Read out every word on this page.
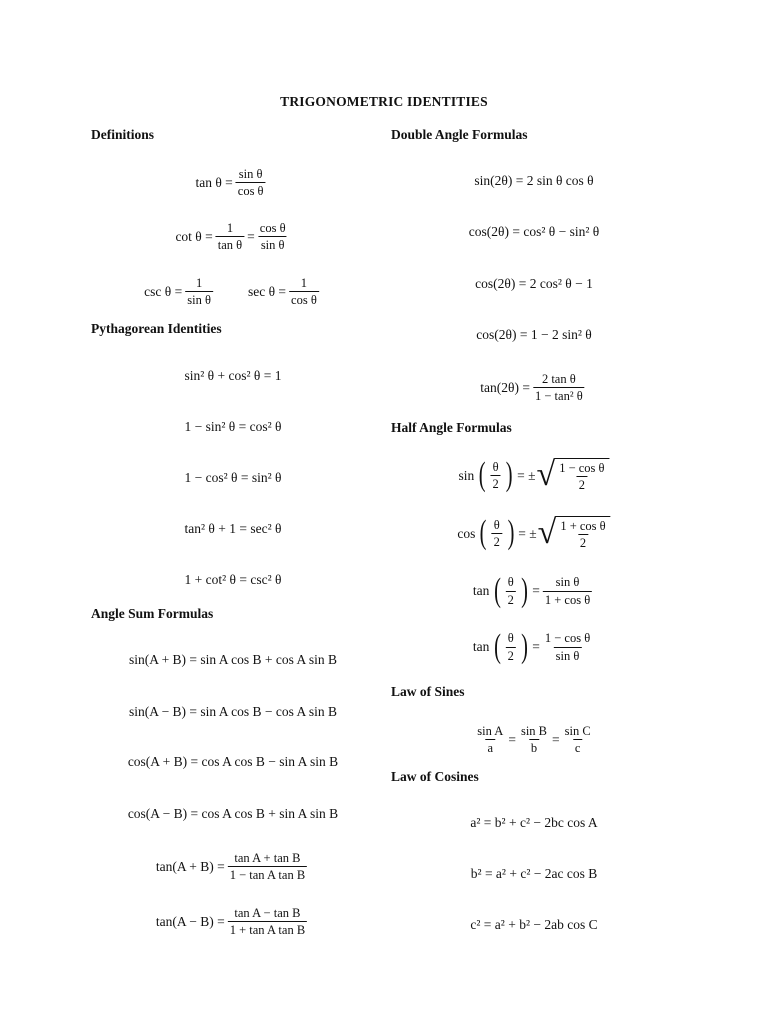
TRIGONOMETRIC IDENTITIES
Definitions
$\tan \theta = \frac{\text{sin θ}}{\text{cos θ}}$
$\cot \theta = \frac{1}{\text{tan θ}} = \frac{\text{cos θ}}{\text{sin θ}}$
$\csc \theta = \frac{1}{\text{sin θ}}$	$\sec \theta = \frac{1}{\text{cos θ}}$
Pythagorean Identities
sin² θ + cos² θ = 1
1 − sin² θ = cos² θ
1 − cos² θ = sin² θ
tan² θ + 1 = sec² θ
1 + cot² θ = csc² θ
Angle Sum Formulas
sin(A + B) = sin A cos B + cos A sin B
sin(A − B) = sin A cos B − cos A sin B
cos(A + B) = cos A cos B − sin A sin B
cos(A − B) = cos A cos B + sin A sin B
$\tan(A + B) = \frac{\text{tan A + tan B}}{\text{1 − tan A tan B}}$
$\tan(A - B) = \frac{\text{tan A − tan B}}{\text{1 + tan A tan B}}$
Double Angle Formulas
sin(2θ) = 2 sin θ cos θ
cos(2θ) = cos² θ − sin² θ
cos(2θ) = 2 cos² θ − 1
cos(2θ) = 1 − 2 sin² θ
$\tan(2\theta) = \frac{\text{2 tan θ}}{\text{1 − tan² θ}}$
Half Angle Formulas
sin ( $\frac{\theta}{2}$ ) = ± √ $\frac{\text{1 − cos θ}}{2}$
cos ( $\frac{\theta}{2}$ ) = ± √ $\frac{\text{1 + cos θ}}{2}$
tan ( $\frac{\theta}{2}$ ) = $\frac{\text{sin θ}}{\text{1 + cos θ}}$
tan ( $\frac{\theta}{2}$ ) = $\frac{\text{1 − cos θ}}{\text{sin θ}}$
Law of Sines
$\frac{\text{sin A}}{a} = \frac{\text{sin B}}{b} = \frac{\text{sin C}}{c}$
Law of Cosines
a² = b² + c² − 2bc cos A
b² = a² + c² − 2ac cos B
c² = a² + b² − 2ab cos C
